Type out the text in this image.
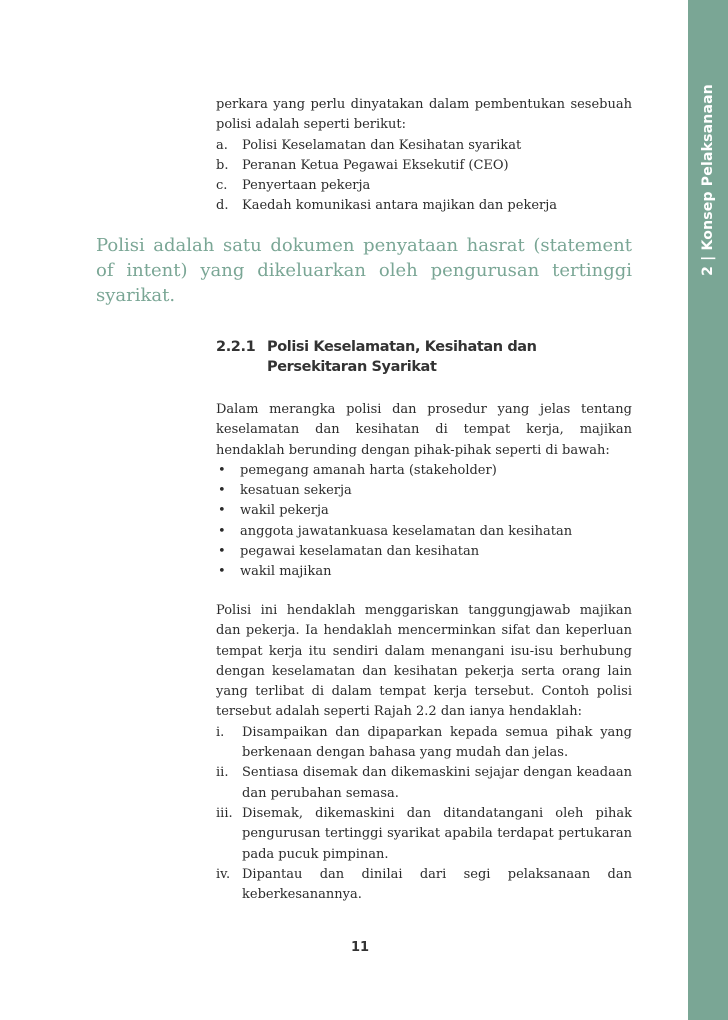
2 | Konsep Pelaksanaan

perkara yang perlu dinyatakan dalam pembentukan sesebuah polisi adalah seperti berikut:

a. Polisi Keselamatan dan Kesihatan syarikat
b. Peranan Ketua Pegawai Eksekutif (CEO)
c. Penyertaan pekerja
d. Kaedah komunikasi antara majikan dan pekerja
Polisi adalah satu dokumen penyataan hasrat (statement of intent) yang dikeluarkan oleh pengurusan tertinggi syarikat.
2.2.1 Polisi Keselamatan, Kesihatan dan Persekitaran Syarikat

Dalam merangka polisi dan prosedur yang jelas tentang keselamatan dan kesihatan di tempat kerja, majikan hendaklah berunding dengan pihak-pihak seperti di bawah:

• pemegang amanah harta (stakeholder)
• kesatuan sekerja
• wakil pekerja
• anggota jawatankuasa keselamatan dan kesihatan
• pegawai keselamatan dan kesihatan
• wakil majikan

Polisi ini hendaklah menggariskan tanggungjawab majikan dan pekerja. Ia hendaklah mencerminkan sifat dan keperluan tempat kerja itu sendiri dalam menangani isu-isu berhubung dengan keselamatan dan kesihatan pekerja serta orang lain yang terlibat di dalam tempat kerja tersebut. Contoh polisi tersebut adalah seperti Rajah 2.2 dan ianya hendaklah:

i. Disampaikan dan dipaparkan kepada semua pihak yang berkenaan dengan bahasa yang mudah dan jelas.
ii. Sentiasa disemak dan dikemaskini sejajar dengan keadaan dan perubahan semasa.
iii. Disemak, dikemaskini dan ditandatangani oleh pihak pengurusan tertinggi syarikat apabila terdapat pertukaran pada pucuk pimpinan.
iv. Dipantau dan dinilai dari segi pelaksanaan dan keberkesanannya.
11
